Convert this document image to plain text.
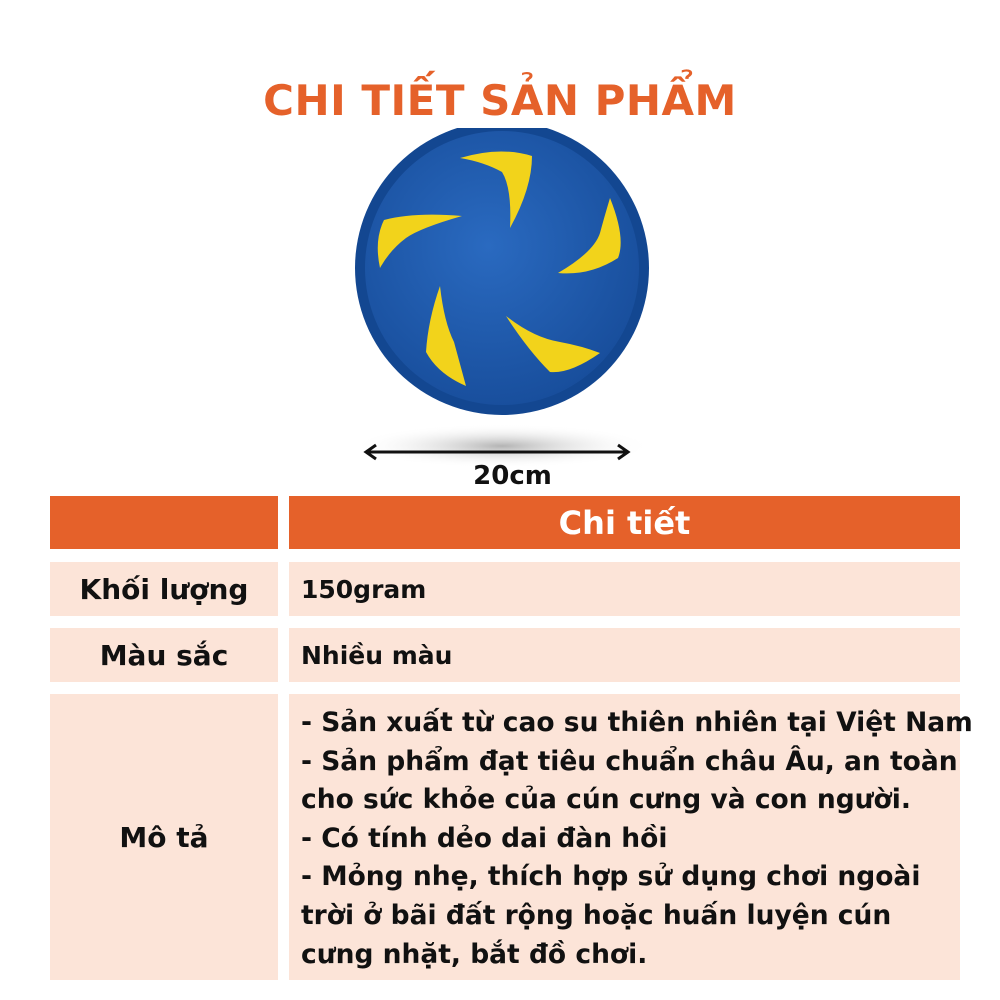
CHI TIẾT SẢN PHẨM
20cm
Chi tiết
Khối lượng	150gram
Màu sắc	Nhiều màu
Mô tả
- Sản xuất từ cao su thiên nhiên tại Việt Nam
- Sản phẩm đạt tiêu chuẩn châu Âu, an toàn
cho sức khỏe của cún cưng và con người.
- Có tính dẻo dai đàn hồi
- Mỏng nhẹ, thích hợp sử dụng chơi ngoài
trời ở bãi đất rộng hoặc huấn luyện cún
cưng nhặt, bắt đồ chơi.
